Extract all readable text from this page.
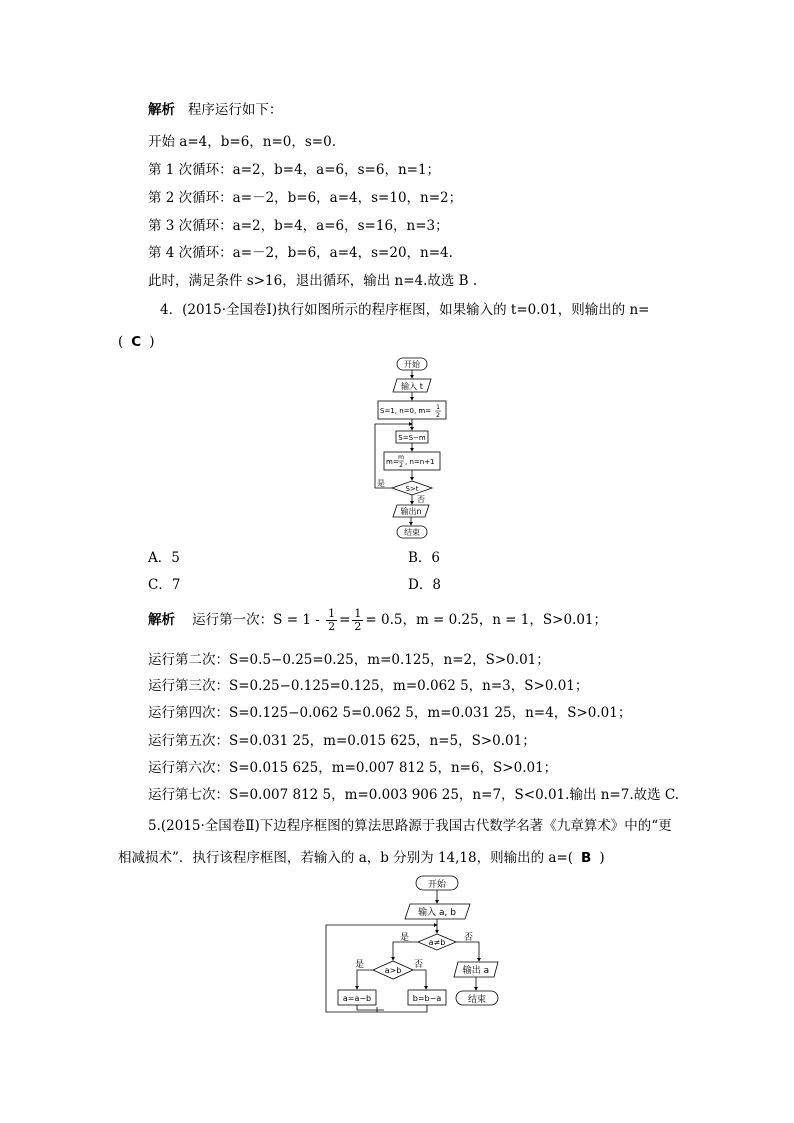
解析 程序运行如下：
开始 a=4，b=6，n=0，s=0.
第 1 次循环：a=2，b=4，a=6，s=6，n=1；
第 2 次循环：a=－2，b=6，a=4，s=10，n=2；
第 3 次循环：a=2，b=4，a=6，s=16，n=3；
第 4 次循环：a=－2，b=6，a=4，s=20，n=4.
此时，满足条件 s>16，退出循环，输出 n=4.故选 B .
4．(2015·全国卷Ⅰ)执行如图所示的程序框图，如果输入的 t=0.01，则输出的 n=
( C )
开始
输入 t
S=1, n=0, m= 1
2
S=S−m
m=
m
2 , n=n+1
S>t
是
否
输出n
结束
A．5	B．6
C．7	D．8
解析 运行第一次：$S = 1 - \frac{1}{2} = \frac{1}{2} = 0.5$，m = 0.25，n = 1，S>0.01；
运行第二次：S=0.5−0.25=0.25，m=0.125，n=2，S>0.01；
运行第三次：S=0.25−0.125=0.125，m=0.062 5，n=3，S>0.01；
运行第四次：S=0.125−0.062 5=0.062 5，m=0.031 25，n=4，S>0.01；
运行第五次：S=0.031 25，m=0.015 625，n=5，S>0.01；
运行第六次：S=0.015 625，m=0.007 812 5，n=6，S>0.01；
运行第七次：S=0.007 812 5，m=0.003 906 25，n=7，S<0.01.输出 n=7.故选 C.
5.(2015·全国卷Ⅱ)下边程序框图的算法思路源于我国古代数学名著《九章算术》中的“更
相减损术”．执行该程序框图，若输入的 a，b 分别为 14,18，则输出的 a=( B )
开始
输入 a, b
a≠b
是	否
a>b
是	否
a=a−b	b=b−a
输出 a
结束
